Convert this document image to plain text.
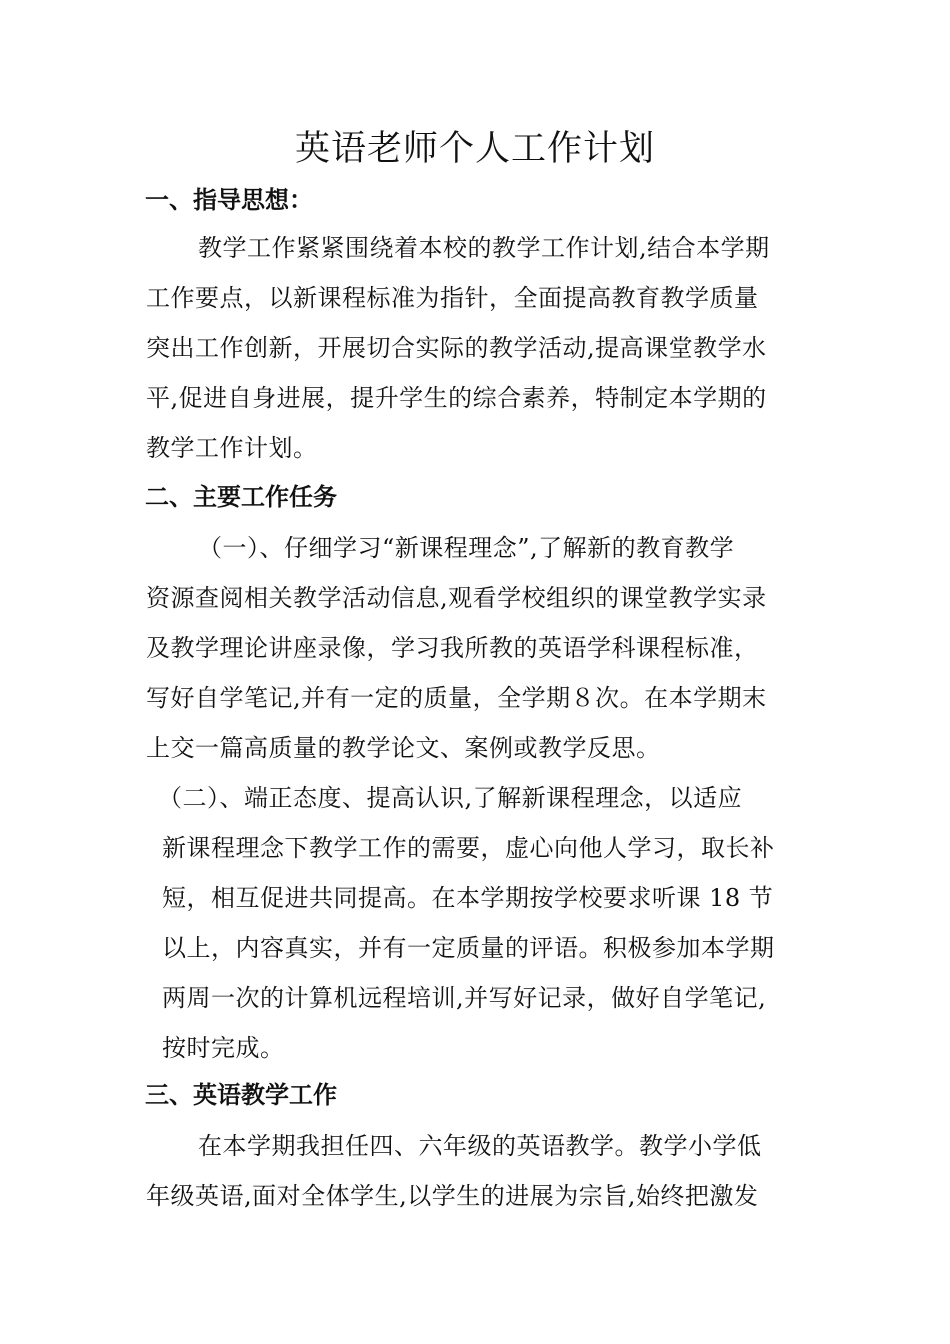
英语老师个人工作计划
一、指导思想：
教学工作紧紧围绕着本校的教学工作计划,结合本学期
工作要点，以新课程标准为指针，全面提高教育教学质量
突出工作创新，开展切合实际的教学活动,提高课堂教学水
平,促进自身进展，提升学生的综合素养，特制定本学期的
教学工作计划。
二、主要工作任务
（一）、仔细学习“新课程理念”,了解新的教育教学
资源查阅相关教学活动信息,观看学校组织的课堂教学实录
及教学理论讲座录像，学习我所教的英语学科课程标准，
写好自学笔记,并有一定的质量，全学期８次。在本学期末
上交一篇高质量的教学论文、案例或教学反思。
（二）、端正态度、提高认识,了解新课程理念，以适应
新课程理念下教学工作的需要，虚心向他人学习，取长补
短，相互促进共同提高。在本学期按学校要求听课 18 节
以上，内容真实，并有一定质量的评语。积极参加本学期
两周一次的计算机远程培训,并写好记录，做好自学笔记,
按时完成。
三、英语教学工作
在本学期我担任四、六年级的英语教学。教学小学低
年级英语,面对全体学生,以学生的进展为宗旨,始终把激发
